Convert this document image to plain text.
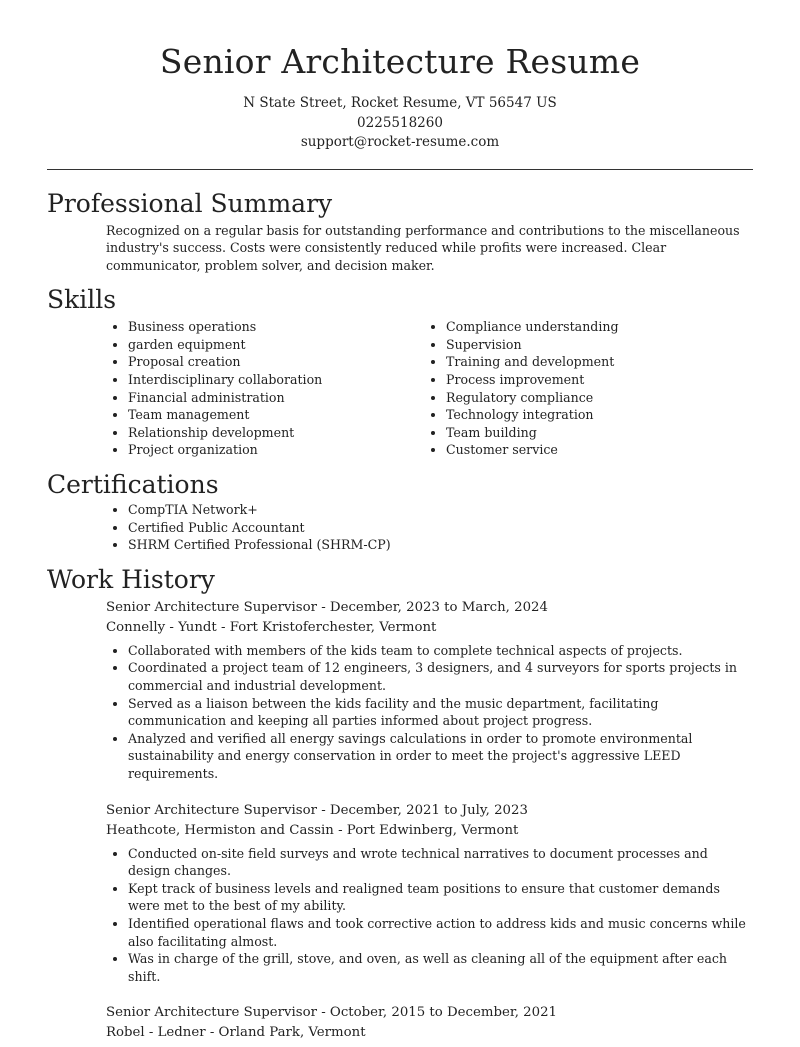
Senior Architecture Resume
N State Street, Rocket Resume, VT 56547 US
0225518260
support@rocket-resume.com
Professional Summary

Recognized on a regular basis for outstanding performance and contributions to the miscellaneous industry's success. Costs were consistently reduced while profits were increased. Clear communicator, problem solver, and decision maker.

Skills
• Business operations
• garden equipment
• Proposal creation
• Interdisciplinary collaboration
• Financial administration
• Team management
• Relationship development
• Project organization
• Compliance understanding
• Supervision
• Training and development
• Process improvement
• Regulatory compliance
• Technology integration
• Team building
• Customer service
Certifications
• CompTIA Network+
• Certified Public Accountant
• SHRM Certified Professional (SHRM-CP)
Work History
Senior Architecture Supervisor - December, 2023 to March, 2024
Connelly - Yundt - Fort Kristoferchester, Vermont
• Collaborated with members of the kids team to complete technical aspects of projects.
• Coordinated a project team of 12 engineers, 3 designers, and 4 surveyors for sports projects in commercial and industrial development.
• Served as a liaison between the kids facility and the music department, facilitating communication and keeping all parties informed about project progress.
• Analyzed and verified all energy savings calculations in order to promote environmental sustainability and energy conservation in order to meet the project's aggressive LEED requirements.
Senior Architecture Supervisor - December, 2021 to July, 2023
Heathcote, Hermiston and Cassin - Port Edwinberg, Vermont
• Conducted on-site field surveys and wrote technical narratives to document processes and design changes.
• Kept track of business levels and realigned team positions to ensure that customer demands were met to the best of my ability.
• Identified operational flaws and took corrective action to address kids and music concerns while also facilitating almost.
• Was in charge of the grill, stove, and oven, as well as cleaning all of the equipment after each shift.
Senior Architecture Supervisor - October, 2015 to December, 2021
Robel - Ledner - Orland Park, Vermont
